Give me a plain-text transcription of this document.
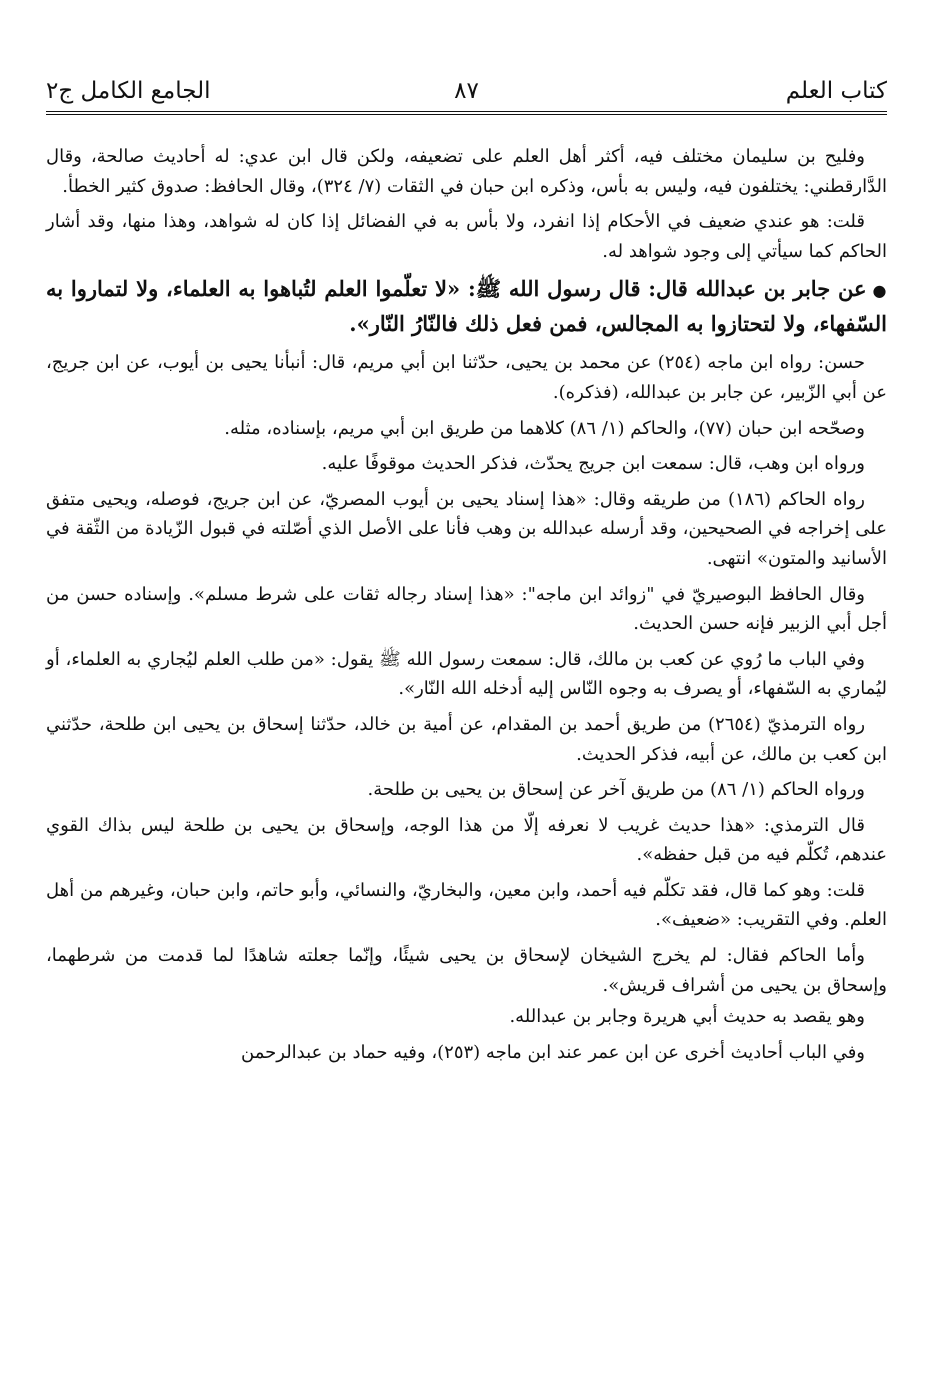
كتاب العلم
٨٧
الجامع الكامل ج٢

وفليح بن سليمان مختلف فيه، أكثر أهل العلم على تضعيفه، ولكن قال ابن عدي: له أحاديث صالحة، وقال الدَّارقطني: يختلفون فيه، وليس به بأس، وذكره ابن حبان في الثقات (٧/ ٣٢٤)، وقال الحافظ: صدوق كثير الخطأ.

قلت: هو عندي ضعيف في الأحكام إذا انفرد، ولا بأس به في الفضائل إذا كان له شواهد، وهذا منها، وقد أشار الحاكم كما سيأتي إلى وجود شواهد له.

●عن جابر بن عبدالله قال: قال رسول الله ﷺ: «لا تعلّموا العلم لتُباهوا به العلماء، ولا لتماروا به السّفهاء، ولا لتحتازوا به المجالس، فمن فعل ذلك فالنّارُ النّار».

حسن: رواه ابن ماجه (٢٥٤) عن محمد بن يحيى، حدّثنا ابن أبي مريم، قال: أنبأنا يحيى بن أيوب، عن ابن جريج، عن أبي الزّبير، عن جابر بن عبدالله، (فذكره).

وصحّحه ابن حبان (٧٧)، والحاكم (١/ ٨٦) كلاهما من طريق ابن أبي مريم، بإسناده، مثله.

ورواه ابن وهب، قال: سمعت ابن جريج يحدّث، فذكر الحديث موقوفًا عليه.

رواه الحاكم (١٨٦) من طريقه وقال: «هذا إسناد يحيى بن أيوب المصريّ، عن ابن جريج، فوصله، ويحيى متفق على إخراجه في الصحيحين، وقد أرسله عبدالله بن وهب فأنا على الأصل الذي أصّلته في قبول الزّيادة من الثّقة في الأسانيد والمتون» انتهى.

وقال الحافظ البوصيريّ في "زوائد ابن ماجه": «هذا إسناد رجاله ثقات على شرط مسلم». وإسناده حسن من أجل أبي الزبير فإنه حسن الحديث.

وفي الباب ما رُوي عن كعب بن مالك، قال: سمعت رسول الله ﷺ يقول: «من طلب العلم ليُجاري به العلماء، أو ليُماري به السّفهاء، أو يصرف به وجوه النّاس إليه أدخله الله النّار».

رواه الترمذيّ (٢٦٥٤) من طريق أحمد بن المقدام، عن أمية بن خالد، حدّثنا إسحاق بن يحيى ابن طلحة، حدّثني ابن كعب بن مالك، عن أبيه، فذكر الحديث.

ورواه الحاكم (١/ ٨٦) من طريق آخر عن إسحاق بن يحيى بن طلحة.

قال الترمذي: «هذا حديث غريب لا نعرفه إلّا من هذا الوجه، وإسحاق بن يحيى بن طلحة ليس بذاك القوي عندهم، تُكلّم فيه من قبل حفظه».

قلت: وهو كما قال، فقد تكلّم فيه أحمد، وابن معين، والبخاريّ، والنسائي، وأبو حاتم، وابن حبان، وغيرهم من أهل العلم. وفي التقريب: «ضعيف».

وأما الحاكم فقال: لم يخرج الشيخان لإسحاق بن يحيى شيئًا، وإنّما جعلته شاهدًا لما قدمت من شرطهما، وإسحاق بن يحيى من أشراف قريش».

وهو يقصد به حديث أبي هريرة وجابر بن عبدالله.

وفي الباب أحاديث أخرى عن ابن عمر عند ابن ماجه (٢٥٣)، وفيه حماد بن عبدالرحمن
